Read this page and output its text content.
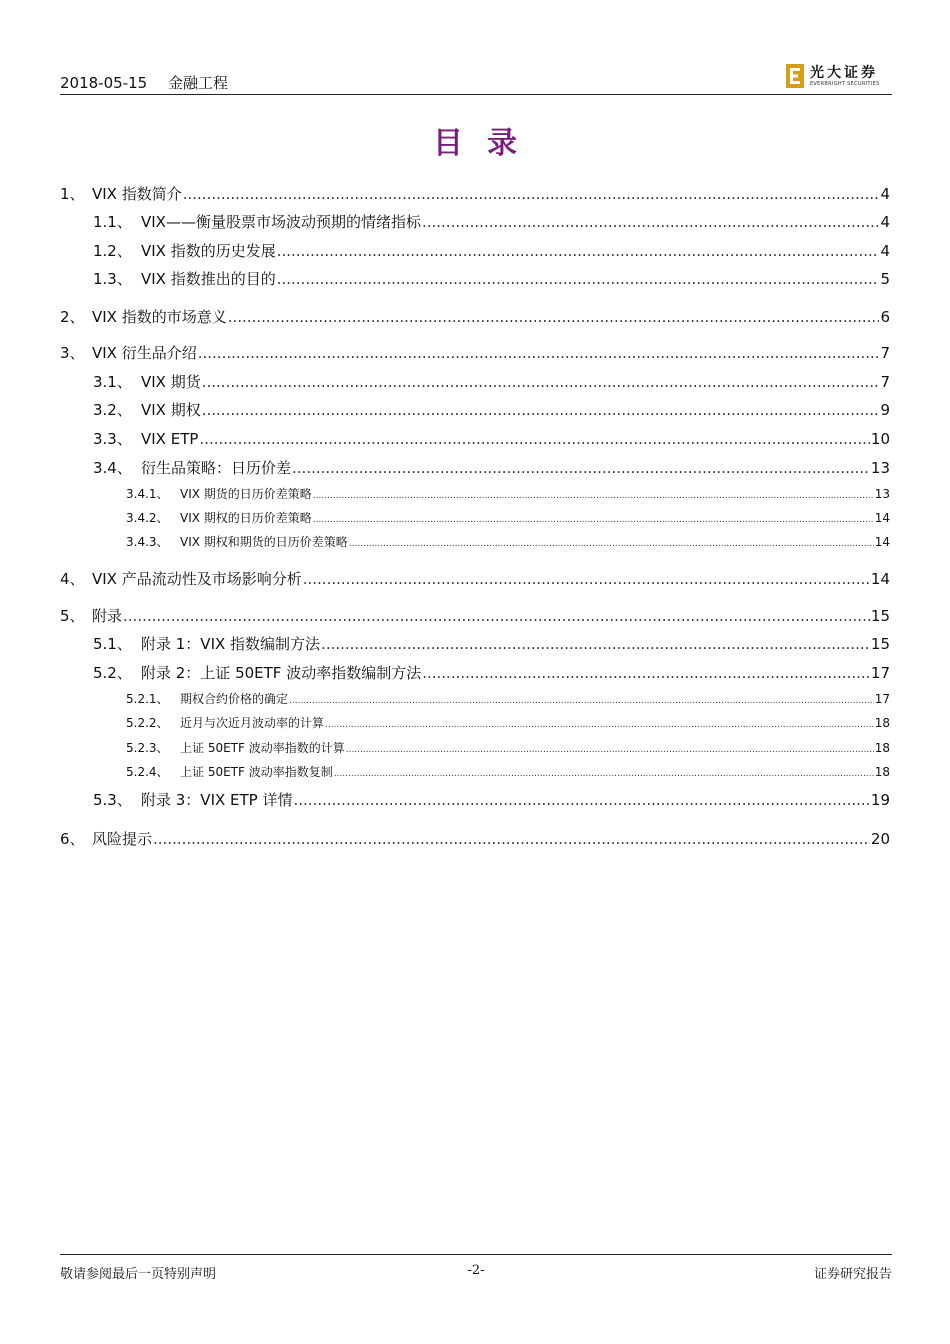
2018-05-15 金融工程
光大证券
EVERBRIGHT SECURITIES
目录
1、 VIX 指数简介 .....	4
1.1、 VIX——衡量股票市场波动预期的情绪指标 .....	4
1.2、 VIX 指数的历史发展 .....	4
1.3、 VIX 指数推出的目的 .....	5
2、 VIX 指数的市场意义 .....	6
3、 VIX 衍生品介绍 .....	7
3.1、 VIX 期货 .....	7
3.2、 VIX 期权 .....	9
3.3、 VIX ETP .....	10
3.4、 衍生品策略：日历价差 .....	13
3.4.1、 VIX 期货的日历价差策略 .....	13
3.4.2、 VIX 期权的日历价差策略 .....	14
3.4.3、 VIX 期权和期货的日历价差策略 .....	14
4、 VIX 产品流动性及市场影响分析 .....	14
5、 附录 .....	15
5.1、 附录 1：VIX 指数编制方法 .....	15
5.2、 附录 2：上证 50ETF 波动率指数编制方法 .....	17
5.2.1、 期权合约价格的确定 .....	17
5.2.2、 近月与次近月波动率的计算 .....	18
5.2.3、 上证 50ETF 波动率指数的计算 .....	18
5.2.4、 上证 50ETF 波动率指数复制 .....	18
5.3、 附录 3：VIX ETP 详情 .....	19
6、 风险提示 .....	20
敬请参阅最后一页特别声明	-2-	证券研究报告
